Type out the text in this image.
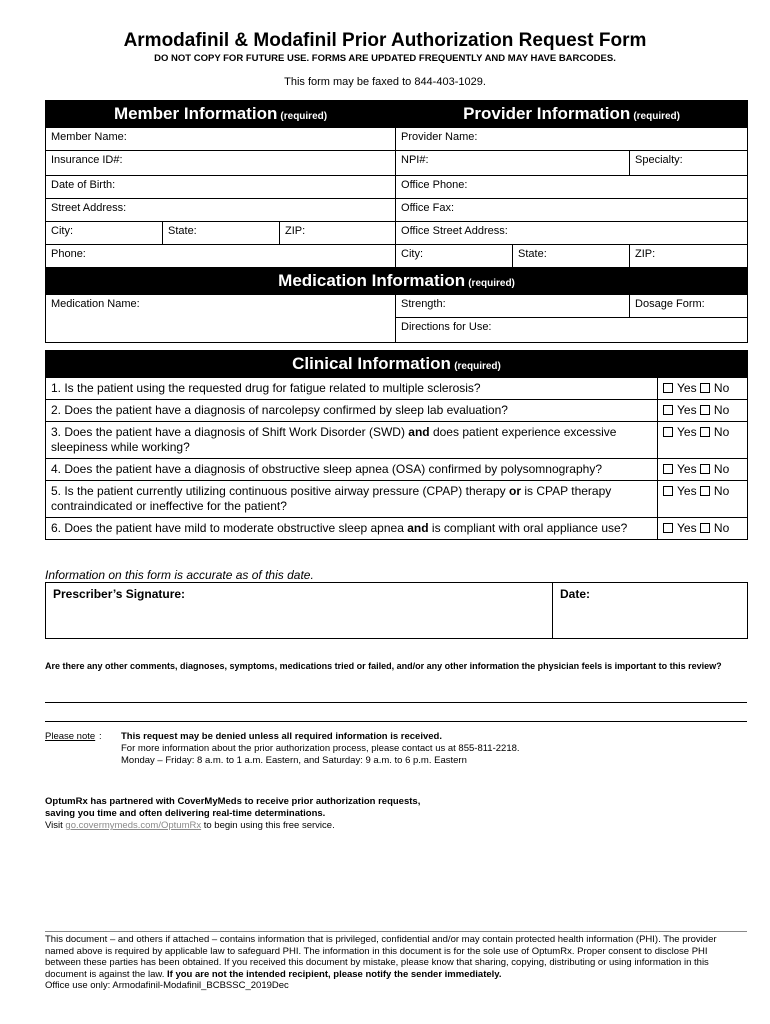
Armodafinil & Modafinil Prior Authorization Request Form
DO NOT COPY FOR FUTURE USE. FORMS ARE UPDATED FREQUENTLY AND MAY HAVE BARCODES.
This form may be faxed to 844-403-1029.
Member Information (required)			Provider Information (required)		
Member Name:			Provider Name:		
Insurance ID#:			NPI#:		Specialty:
Date of Birth:			Office Phone:		
Street Address:			Office Fax:		
City:	State:	ZIP:	Office Street Address:		
Phone:			City:	State:	ZIP:
Medication Information (required)					
Medication Name:			Strength:		Dosage Form:
			Directions for Use:		
Clinical Information (required)	
1. Is the patient using the requested drug for fatigue related to multiple sclerosis?	Yes No
2. Does the patient have a diagnosis of narcolepsy confirmed by sleep lab evaluation?	Yes No
3. Does the patient have a diagnosis of Shift Work Disorder (SWD) and does patient experience excessive sleepiness while working?	Yes No
4. Does the patient have a diagnosis of obstructive sleep apnea (OSA) confirmed by polysomnography?	Yes No
5. Is the patient currently utilizing continuous positive airway pressure (CPAP) therapy or is CPAP therapy contraindicated or ineffective for the patient?	Yes No
6. Does the patient have mild to moderate obstructive sleep apnea and is compliant with oral appliance use?	Yes No
Information on this form is accurate as of this date.
Prescriber’s Signature:	Date:
Are there any other comments, diagnoses, symptoms, medications tried or failed, and/or any other information the physician feels is important to this review?
Please note : This request may be denied unless all required information is received.
For more information about the prior authorization process, please contact us at 855-811-2218.
Monday – Friday: 8 a.m. to 1 a.m. Eastern, and Saturday: 9 a.m. to 6 p.m. Eastern
OptumRx has partnered with CoverMyMeds to receive prior authorization requests,
saving you time and often delivering real-time determinations.
Visit go.covermymeds.com/OptumRx to begin using this free service.
This document – and others if attached – contains information that is privileged, confidential and/or may contain protected health information (PHI). The provider named above is required by applicable law to safeguard PHI. The information in this document is for the sole use of OptumRx. Proper consent to disclose PHI between these parties has been obtained. If you received this document by mistake, please know that sharing, copying, distributing or using information in this document is against the law. If you are not the intended recipient, please notify the sender immediately.
Office use only: Armodafinil-Modafinil_BCBSSC_2019Dec
